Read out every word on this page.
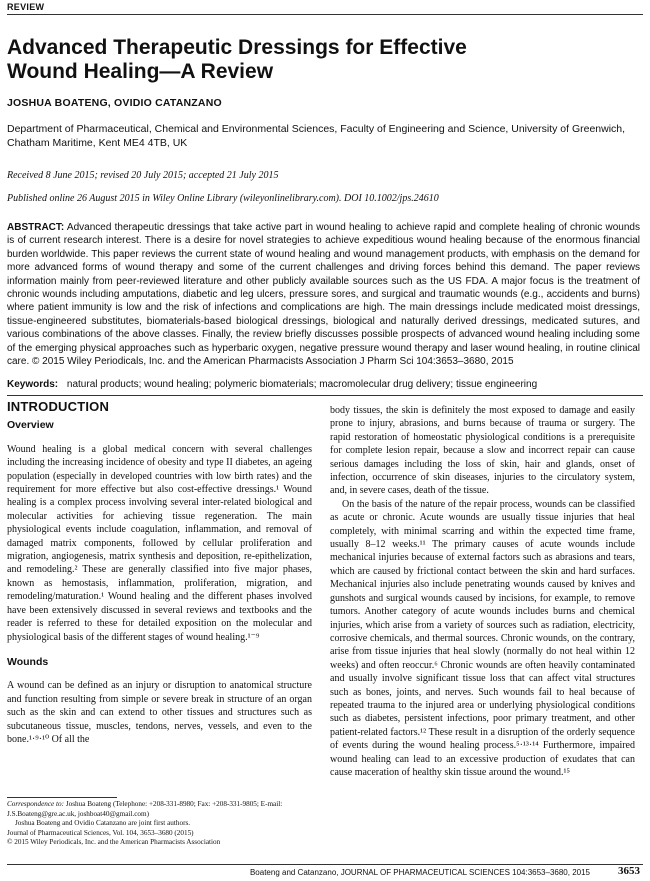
REVIEW
Advanced Therapeutic Dressings for Effective Wound Healing—A Review
JOSHUA BOATENG, OVIDIO CATANZANO
Department of Pharmaceutical, Chemical and Environmental Sciences, Faculty of Engineering and Science, University of Greenwich, Chatham Maritime, Kent ME4 4TB, UK
Received 8 June 2015; revised 20 July 2015; accepted 21 July 2015
Published online 26 August 2015 in Wiley Online Library (wileyonlinelibrary.com). DOI 10.1002/jps.24610
ABSTRACT: Advanced therapeutic dressings that take active part in wound healing to achieve rapid and complete healing of chronic wounds is of current research interest. There is a desire for novel strategies to achieve expeditious wound healing because of the enormous financial burden worldwide. This paper reviews the current state of wound healing and wound management products, with emphasis on the demand for more advanced forms of wound therapy and some of the current challenges and driving forces behind this demand. The paper reviews information mainly from peer-reviewed literature and other publicly available sources such as the US FDA. A major focus is the treatment of chronic wounds including amputations, diabetic and leg ulcers, pressure sores, and surgical and traumatic wounds (e.g., accidents and burns) where patient immunity is low and the risk of infections and complications are high. The main dressings include medicated moist dressings, tissue-engineered substitutes, biomaterials-based biological dressings, biological and naturally derived dressings, medicated sutures, and various combinations of the above classes. Finally, the review briefly discusses possible prospects of advanced wound healing including some of the emerging physical approaches such as hyperbaric oxygen, negative pressure wound therapy and laser wound healing, in routine clinical care. © 2015 Wiley Periodicals, Inc. and the American Pharmacists Association J Pharm Sci 104:3653–3680, 2015
Keywords: natural products; wound healing; polymeric biomaterials; macromolecular drug delivery; tissue engineering
INTRODUCTION
Overview

Wound healing is a global medical concern with several challenges including the increasing incidence of obesity and type II diabetes, an ageing population (especially in developed countries with low birth rates) and the requirement for more effective but also cost-effective dressings.¹ Wound healing is a complex process involving several inter-related biological and molecular activities for achieving tissue regeneration. The main physiological events include coagulation, inflammation, and removal of damaged matrix components, followed by cellular proliferation and migration, angiogenesis, matrix synthesis and deposition, re-epithelization, and remodeling.² These are generally classified into five major phases, known as hemostasis, inflammation, proliferation, migration, and remodeling/maturation.¹ Wound healing and the different phases involved have been extensively discussed in several reviews and textbooks and the reader is referred to these for detailed exposition on the molecular and physiological basis of the different stages of wound healing.¹⁻⁹

Wounds

A wound can be defined as an injury or disruption to anatomical structure and function resulting from simple or severe break in structure of an organ such as the skin and can extend to other tissues and structures such as subcutaneous tissue, muscles, tendons, nerves, vessels, and even to the bone.¹·⁹·¹⁰ Of all the

body tissues, the skin is definitely the most exposed to damage and easily prone to injury, abrasions, and burns because of trauma or surgery. The rapid restoration of homeostatic physiological conditions is a prerequisite for complete lesion repair, because a slow and incorrect repair can cause serious damages including the loss of skin, hair and glands, onset of infection, occurrence of skin diseases, injuries to the circulatory system, and, in severe cases, death of the tissue.

On the basis of the nature of the repair process, wounds can be classified as acute or chronic. Acute wounds are usually tissue injuries that heal completely, with minimal scarring and within the expected time frame, usually 8–12 weeks.¹¹ The primary causes of acute wounds include mechanical injuries because of external factors such as abrasions and tears, which are caused by frictional contact between the skin and hard surfaces. Mechanical injuries also include penetrating wounds caused by knives and gunshots and surgical wounds caused by incisions, for example, to remove tumors. Another category of acute wounds includes burns and chemical injuries, which arise from a variety of sources such as radiation, electricity, corrosive chemicals, and thermal sources. Chronic wounds, on the contrary, arise from tissue injuries that heal slowly (normally do not heal within 12 weeks) and often reoccur.⁶ Chronic wounds are often heavily contaminated and usually involve significant tissue loss that can affect vital structures such as bones, joints, and nerves. Such wounds fail to heal because of repeated trauma to the injured area or underlying physiological conditions such as diabetes, persistent infections, poor primary treatment, and other patient-related factors.¹² These result in a disruption of the orderly sequence of events during the wound healing process.⁵·¹³·¹⁴ Furthermore, impaired wound healing can lead to an excessive production of exudates that can cause maceration of healthy skin tissue around the wound.¹⁵

Correspondence to: Joshua Boateng (Telephone: +208-331-8980; Fax: +208-331-9805; E-mail: J.S.Boateng@gre.ac.uk, joshboat40@gmail.com)
Joshua Boateng and Ovidio Catanzano are joint first authors.
Journal of Pharmaceutical Sciences, Vol. 104, 3653–3680 (2015)
© 2015 Wiley Periodicals, Inc. and the American Pharmacists Association
Boateng and Catanzano, JOURNAL OF PHARMACEUTICAL SCIENCES 104:3653–3680, 2015	3653
